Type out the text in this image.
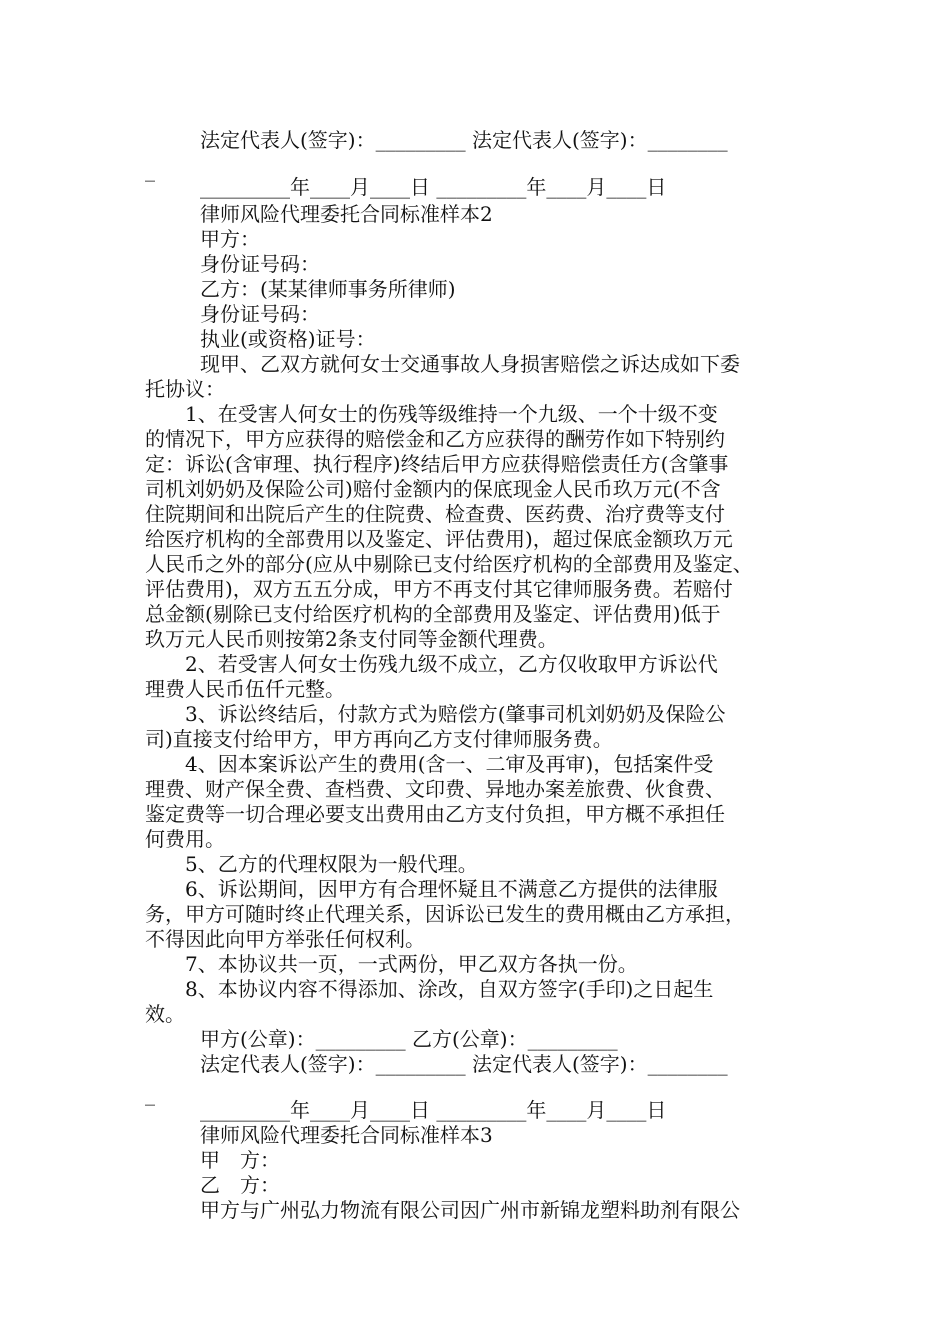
法定代表人(签字)：_________ 法定代表人(签字)：________
_
_________年____月____日 _________年____月____日
律师风险代理委托合同标准样本2
甲方：
身份证号码：
乙方：(某某律师事务所律师)
身份证号码：
执业(或资格)证号：
现甲、乙双方就何女士交通事故人身损害赔偿之诉达成如下委
托协议：
　　1、在受害人何女士的伤残等级维持一个九级、一个十级不变
的情况下，甲方应获得的赔偿金和乙方应获得的酬劳作如下特别约
定：诉讼(含审理、执行程序)终结后甲方应获得赔偿责任方(含肇事
司机刘奶奶及保险公司)赔付金额内的保底现金人民币玖万元(不含
住院期间和出院后产生的住院费、检查费、医药费、治疗费等支付
给医疗机构的全部费用以及鉴定、评估费用)，超过保底金额玖万元
人民币之外的部分(应从中剔除已支付给医疗机构的全部费用及鉴定、
评估费用)，双方五五分成，甲方不再支付其它律师服务费。若赔付
总金额(剔除已支付给医疗机构的全部费用及鉴定、评估费用)低于
玖万元人民币则按第2条支付同等金额代理费。
　　2、若受害人何女士伤残九级不成立，乙方仅收取甲方诉讼代
理费人民币伍仟元整。
　　3、诉讼终结后，付款方式为赔偿方(肇事司机刘奶奶及保险公
司)直接支付给甲方，甲方再向乙方支付律师服务费。
　　4、因本案诉讼产生的费用(含一、二审及再审)，包括案件受
理费、财产保全费、查档费、文印费、异地办案差旅费、伙食费、
鉴定费等一切合理必要支出费用由乙方支付负担，甲方概不承担任
何费用。
　　5、乙方的代理权限为一般代理。
　　6、诉讼期间，因甲方有合理怀疑且不满意乙方提供的法律服
务，甲方可随时终止代理关系，因诉讼已发生的费用概由乙方承担，
不得因此向甲方举张任何权利。
　　7、本协议共一页，一式两份，甲乙双方各执一份。
　　8、本协议内容不得添加、涂改，自双方签字(手印)之日起生
效。
甲方(公章)：_________ 乙方(公章)：_________
法定代表人(签字)：_________ 法定代表人(签字)：________
_
_________年____月____日 _________年____月____日
律师风险代理委托合同标准样本3
甲　方：
乙　方：
甲方与广州弘力物流有限公司因广州市新锦龙塑料助剂有限公
